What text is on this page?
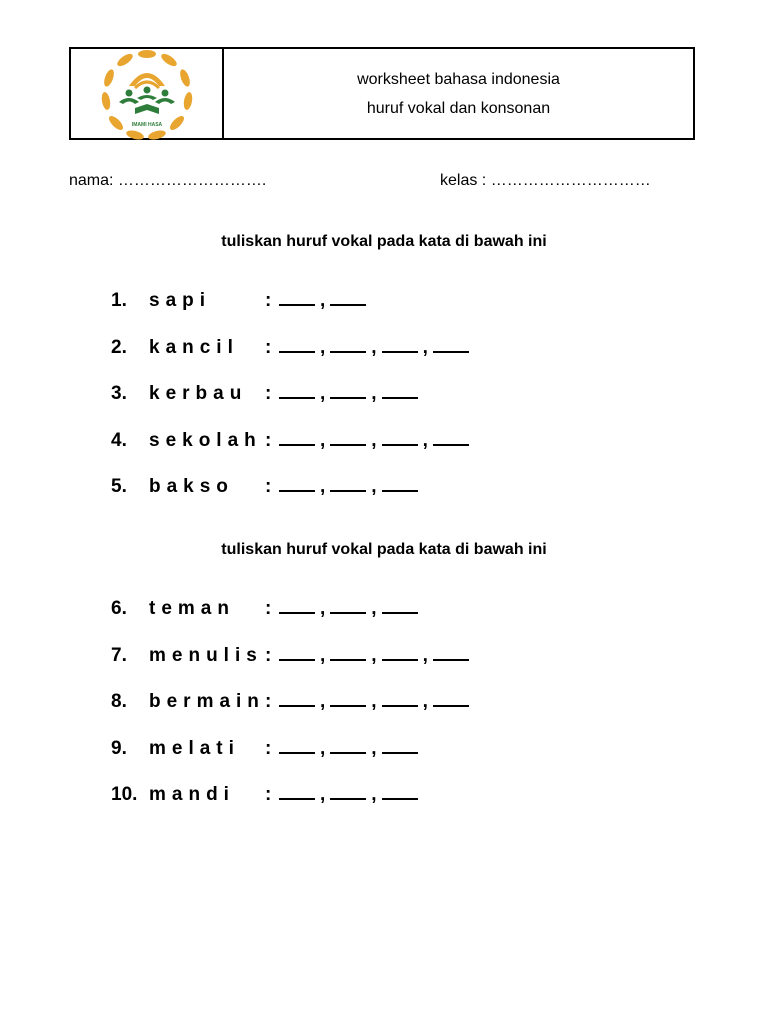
IMAMI HASA
worksheet bahasa indonesia
huruf vokal dan konsonan
nama: ……………………….	kelas : …………………………
tuliskan huruf vokal pada kata di bawah ini
1.	sapi	:	,
2.	kancil	:	, , ,
3.	kerbau :	, ,
4.	sekolah :	, , ,
5.	bakso	:	, ,
tuliskan huruf vokal pada kata di bawah ini
6.	teman	:	, ,
7.	menulis :	, , ,
8.	bermain :	, , ,
9.	melati	:	, ,
10. mandi	:	, ,
